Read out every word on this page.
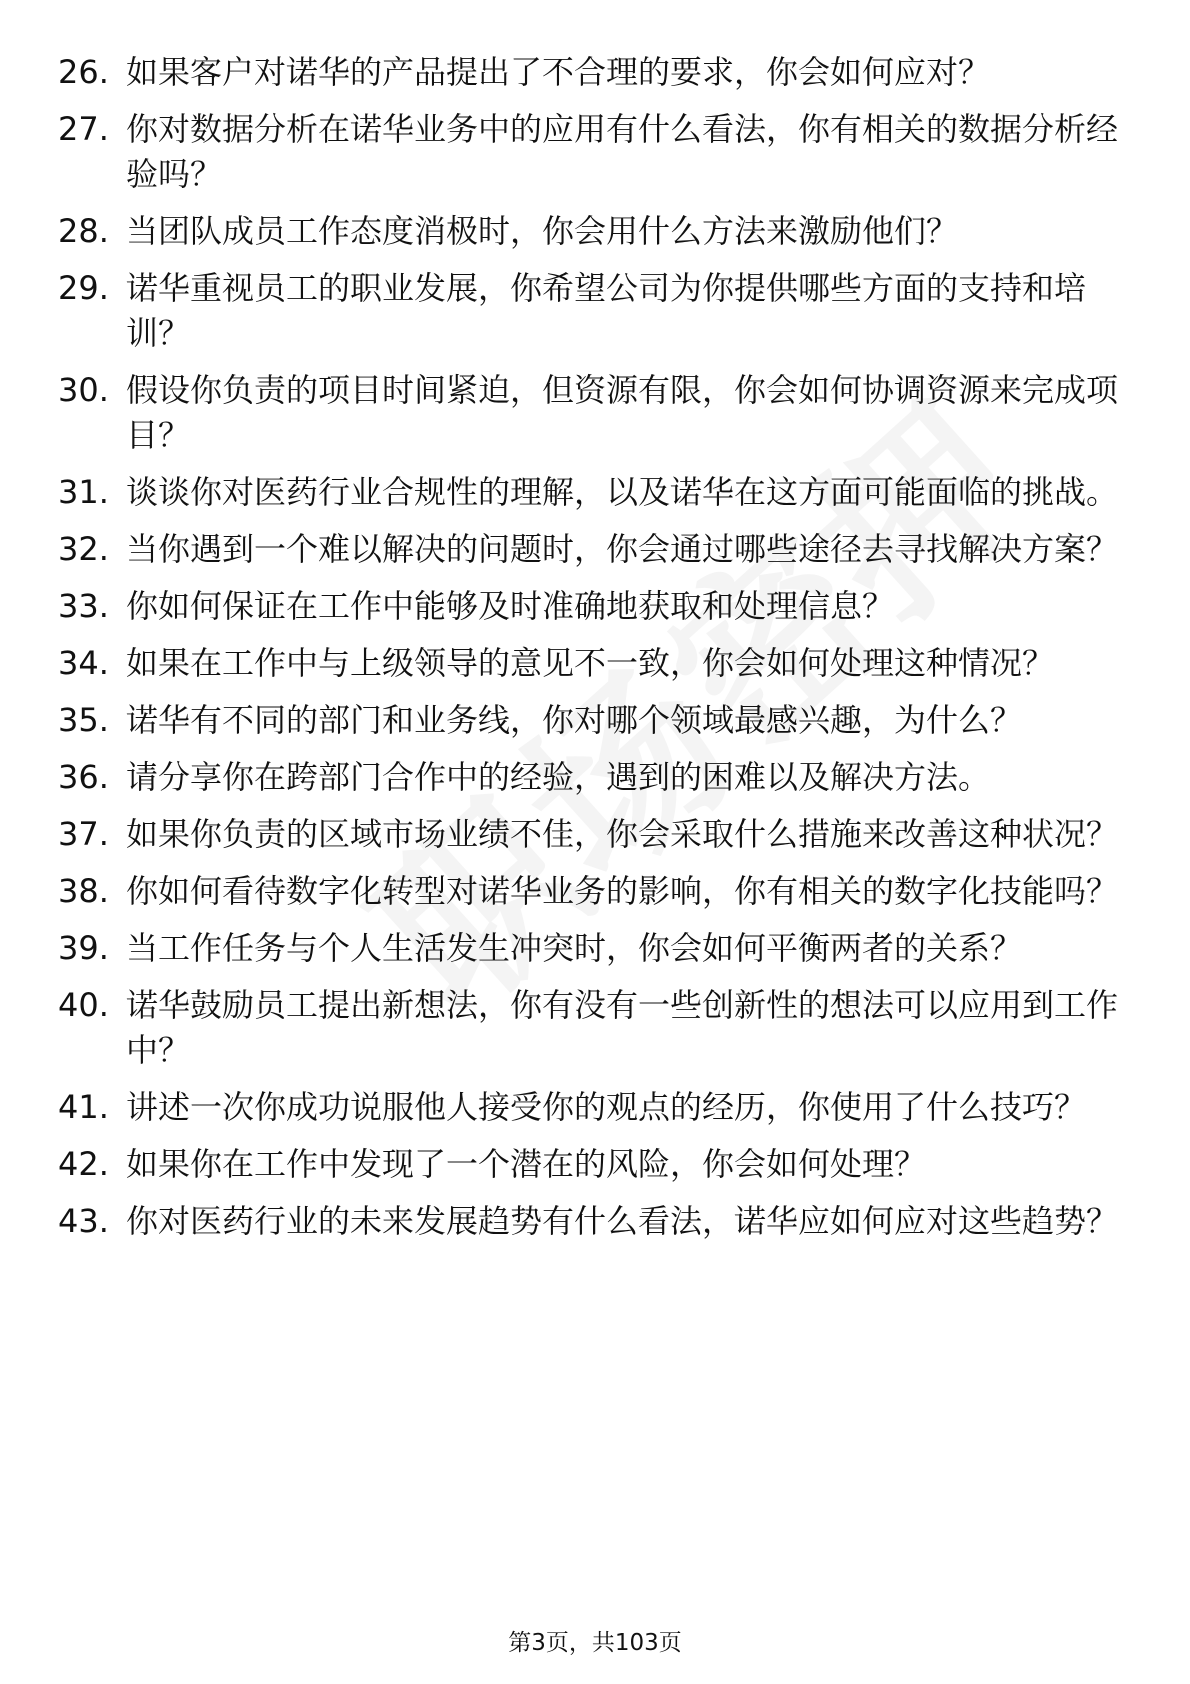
26. 如果客户对诺华的产品提出了不合理的要求，你会如何应对？
27. 你对数据分析在诺华业务中的应用有什么看法，你有相关的数据分析经验吗？
28. 当团队成员工作态度消极时，你会用什么方法来激励他们？
29. 诺华重视员工的职业发展，你希望公司为你提供哪些方面的支持和培训？
30. 假设你负责的项目时间紧迫，但资源有限，你会如何协调资源来完成项目？
31. 谈谈你对医药行业合规性的理解，以及诺华在这方面可能面临的挑战。
32. 当你遇到一个难以解决的问题时，你会通过哪些途径去寻找解决方案？
33. 你如何保证在工作中能够及时准确地获取和处理信息？
34. 如果在工作中与上级领导的意见不一致，你会如何处理这种情况？
35. 诺华有不同的部门和业务线，你对哪个领域最感兴趣，为什么？
36. 请分享你在跨部门合作中的经验，遇到的困难以及解决方法。
37. 如果你负责的区域市场业绩不佳，你会采取什么措施来改善这种状况？
38. 你如何看待数字化转型对诺华业务的影响，你有相关的数字化技能吗？
39. 当工作任务与个人生活发生冲突时，你会如何平衡两者的关系？
40. 诺华鼓励员工提出新想法，你有没有一些创新性的想法可以应用到工作中？
41. 讲述一次你成功说服他人接受你的观点的经历，你使用了什么技巧？
42. 如果你在工作中发现了一个潜在的风险，你会如何处理？
43. 你对医药行业的未来发展趋势有什么看法，诺华应如何应对这些趋势？
第3页，共103页
